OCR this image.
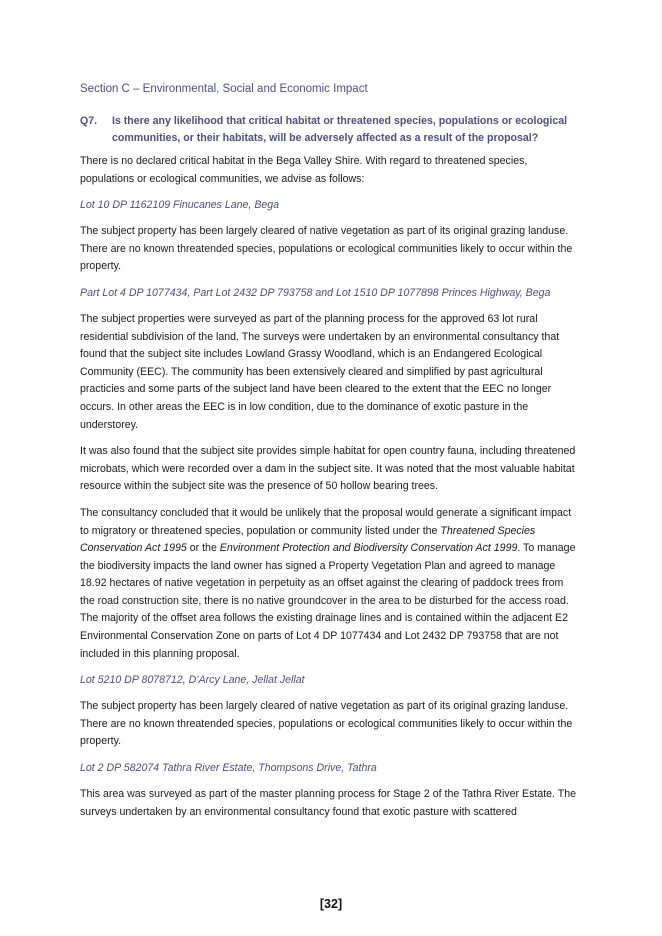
Section C – Environmental, Social and Economic Impact
Q7.	Is there any likelihood that critical habitat or threatened species, populations or ecological communities, or their habitats, will be adversely affected as a result of the proposal?

There is no declared critical habitat in the Bega Valley Shire. With regard to threatened species, populations or ecological communities, we advise as follows:

Lot 10 DP 1162109 Finucanes Lane, Bega

The subject property has been largely cleared of native vegetation as part of its original grazing landuse. There are no known threatended species, populations or ecological communities likely to occur within the property.

Part Lot 4 DP 1077434, Part Lot 2432 DP 793758 and Lot 1510 DP 1077898 Princes Highway, Bega

The subject properties were surveyed as part of the planning process for the approved 63 lot rural residential subdivision of the land. The surveys were undertaken by an environmental consultancy that found that the subject site includes Lowland Grassy Woodland, which is an Endangered Ecological Community (EEC). The community has been extensively cleared and simplified by past agricultural practicies and some parts of the subject land have been cleared to the extent that the EEC no longer occurs. In other areas the EEC is in low condition, due to the dominance of exotic pasture in the understorey.

It was also found that the subject site provides simple habitat for open country fauna, including threatened microbats, which were recorded over a dam in the subject site. It was noted that the most valuable habitat resource within the subject site was the presence of 50 hollow bearing trees.

The consultancy concluded that it would be unlikely that the proposal would generate a significant impact to migratory or threatened species, population or community listed under the Threatened Species Conservation Act 1995 or the Environment Protection and Biodiversity Conservation Act 1999. To manage the biodiversity impacts the land owner has signed a Property Vegetation Plan and agreed to manage 18.92 hectares of native vegetation in perpetuity as an offset against the clearing of paddock trees from the road construction site, there is no native groundcover in the area to be disturbed for the access road. The majority of the offset area follows the existing drainage lines and is contained within the adjacent E2 Environmental Conservation Zone on parts of Lot 4 DP 1077434 and Lot 2432 DP 793758 that are not included in this planning proposal.

Lot 5210 DP 8078712, D’Arcy Lane, Jellat Jellat

The subject property has been largely cleared of native vegetation as part of its original grazing landuse. There are no known threatended species, populations or ecological communities likely to occur within the property.

Lot 2 DP 582074 Tathra River Estate, Thompsons Drive, Tathra

This area was surveyed as part of the master planning process for Stage 2 of the Tathra River Estate. The surveys undertaken by an environmental consultancy found that exotic pasture with scattered

[32]
